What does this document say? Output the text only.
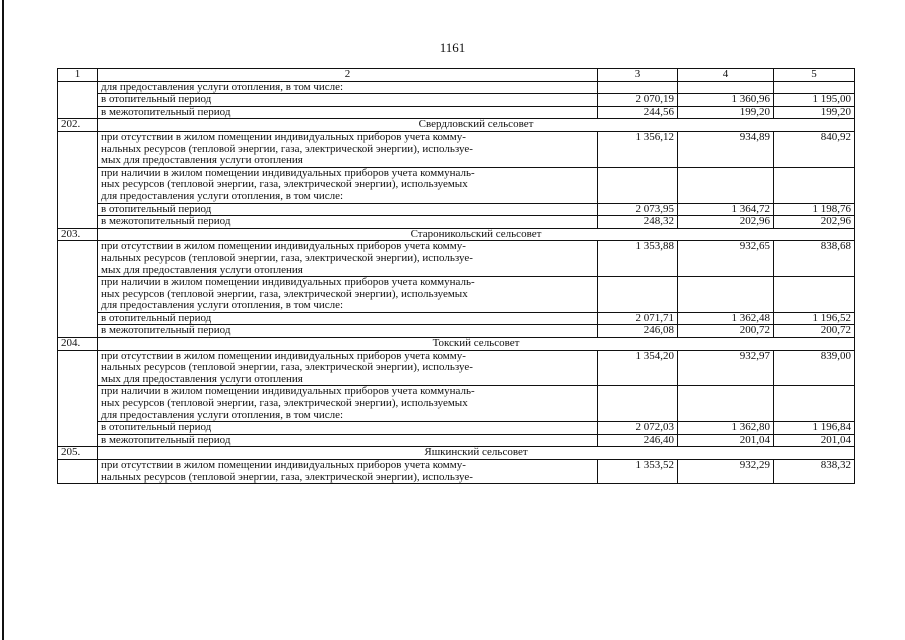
1161
1	2	3	4	5
	для предоставления услуги отопления, в том числе:			
	в отопительный период	2 070,19	1 360,96	1 195,00
	в межотопительный период	244,56	199,20	199,20
202.	Свердловский сельсовет			

	при отсутствии в жилом помещении индивидуальных приборов учета комму-
нальных ресурсов (тепловой энергии, газа, электрической энергии), используе-
мых для предоставления услуги отопления	1 356,12	934,89	840,92

	при наличии в жилом помещении индивидуальных приборов учета коммуналь-
ных ресурсов (тепловой энергии, газа, электрической энергии), используемых
для предоставления услуги отопления, в том числе:			

	в отопительный период	2 073,95	1 364,72	1 198,76
	в межотопительный период	248,32	202,96	202,96
203.	Староникольский сельсовет			

	при отсутствии в жилом помещении индивидуальных приборов учета комму-
нальных ресурсов (тепловой энергии, газа, электрической энергии), используе-
мых для предоставления услуги отопления	1 353,88	932,65	838,68

	при наличии в жилом помещении индивидуальных приборов учета коммуналь-
ных ресурсов (тепловой энергии, газа, электрической энергии), используемых
для предоставления услуги отопления, в том числе:			

	в отопительный период	2 071,71	1 362,48	1 196,52
	в межотопительный период	246,08	200,72	200,72
204.	Токский сельсовет			

	при отсутствии в жилом помещении индивидуальных приборов учета комму-
нальных ресурсов (тепловой энергии, газа, электрической энергии), используе-
мых для предоставления услуги отопления	1 354,20	932,97	839,00

	при наличии в жилом помещении индивидуальных приборов учета коммуналь-
ных ресурсов (тепловой энергии, газа, электрической энергии), используемых
для предоставления услуги отопления, в том числе:			

	в отопительный период	2 072,03	1 362,80	1 196,84
	в межотопительный период	246,40	201,04	201,04
205.	Яшкинский сельсовет			

	при отсутствии в жилом помещении индивидуальных приборов учета комму-
нальных ресурсов (тепловой энергии, газа, электрической энергии), используе-	1 353,52	932,29	838,32
